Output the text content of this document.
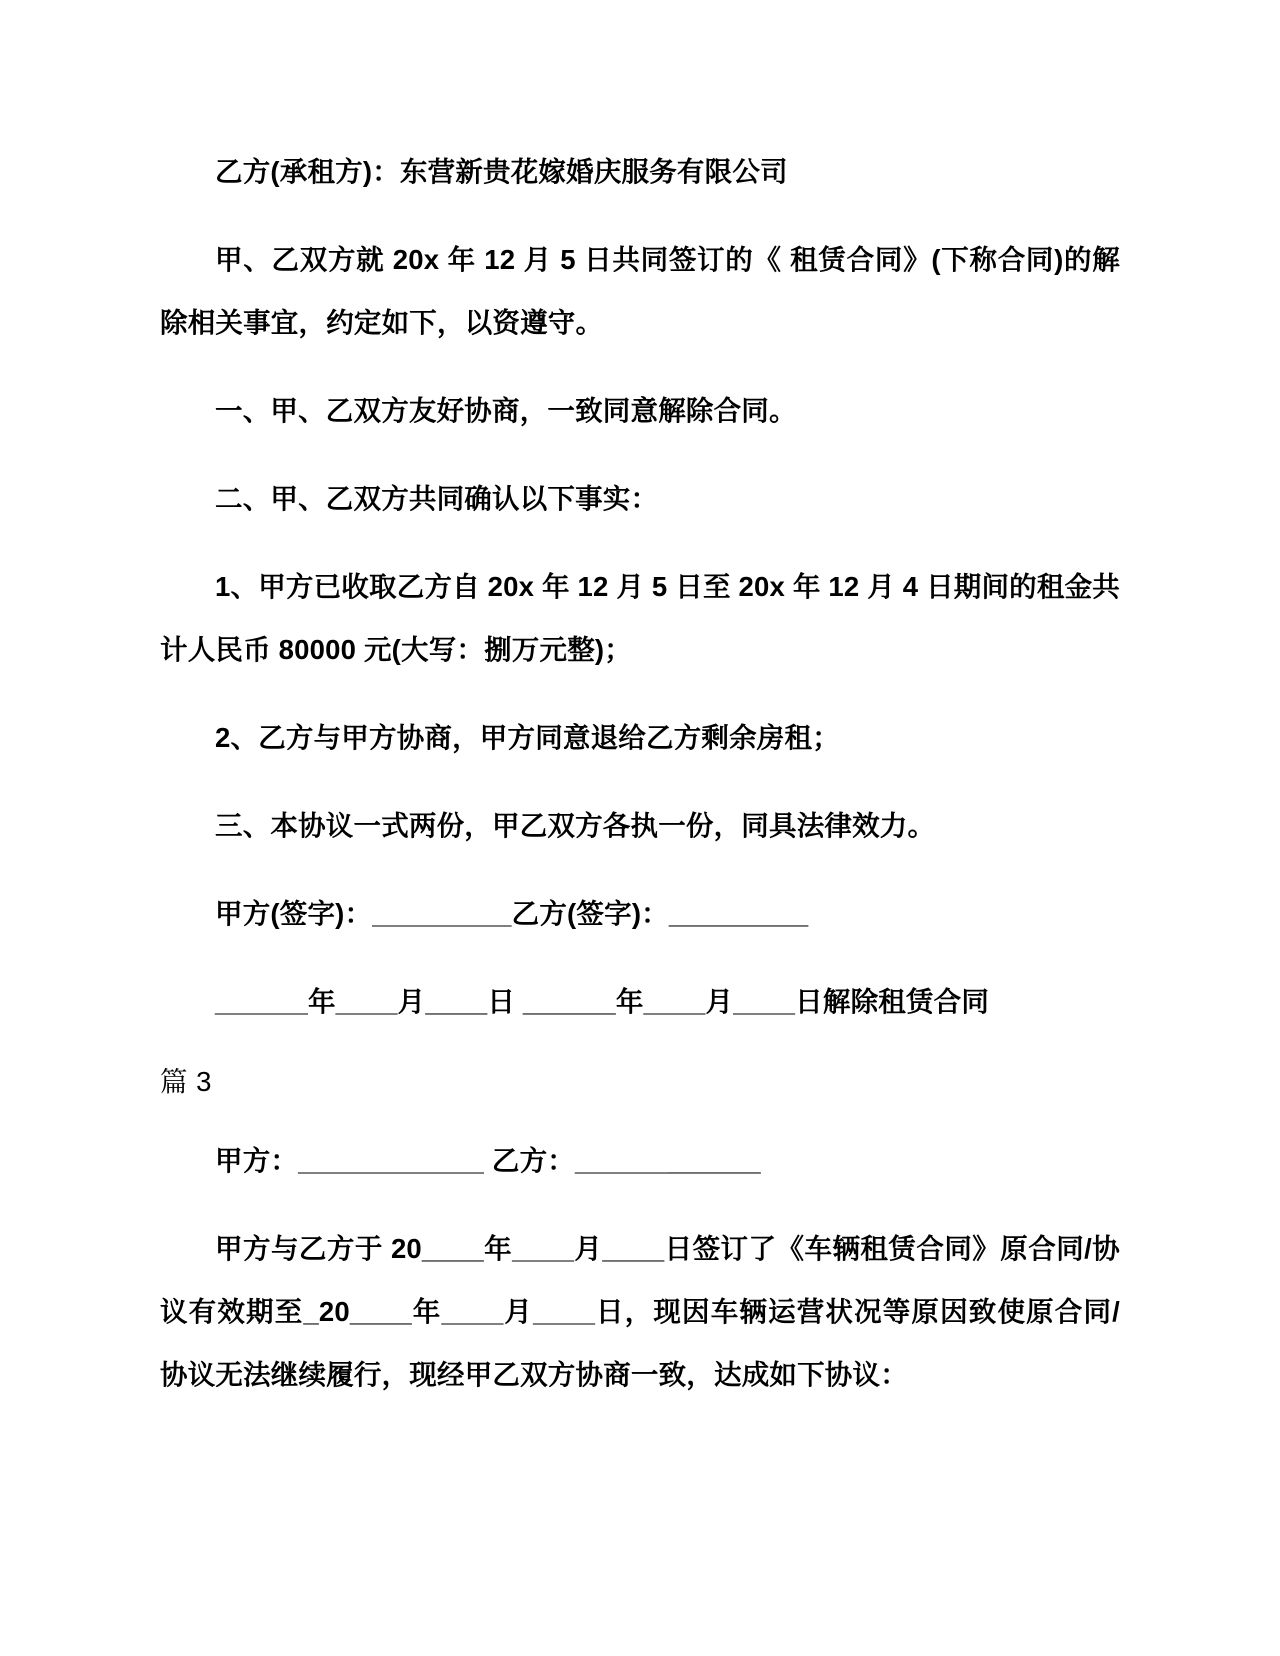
乙方(承租方)：东营新贵花嫁婚庆服务有限公司

甲、乙双方就 20x 年 12 月 5 日共同签订的《 租赁合同》(下称合同)的解除相关事宜，约定如下，以资遵守。

一、甲、乙双方友好协商，一致同意解除合同。

二、甲、乙双方共同确认以下事实：

1、甲方已收取乙方自 20x 年 12 月 5 日至 20x 年 12 月 4 日期间的租金共计人民币 80000 元(大写：捌万元整)；

2、乙方与甲方协商，甲方同意退给乙方剩余房租；

三、本协议一式两份，甲乙双方各执一份，同具法律效力。

甲方(签字)：_________乙方(签字)：_________

______年____月____日 ______年____月____日解除租赁合同

篇 3

甲方：____________ 乙方：____________

甲方与乙方于 20____年____月____日签订了《车辆租赁合同》原合同/协议有效期至_20____年____月____日，现因车辆运营状况等原因致使原合同/协议无法继续履行，现经甲乙双方协商一致，达成如下协议：
